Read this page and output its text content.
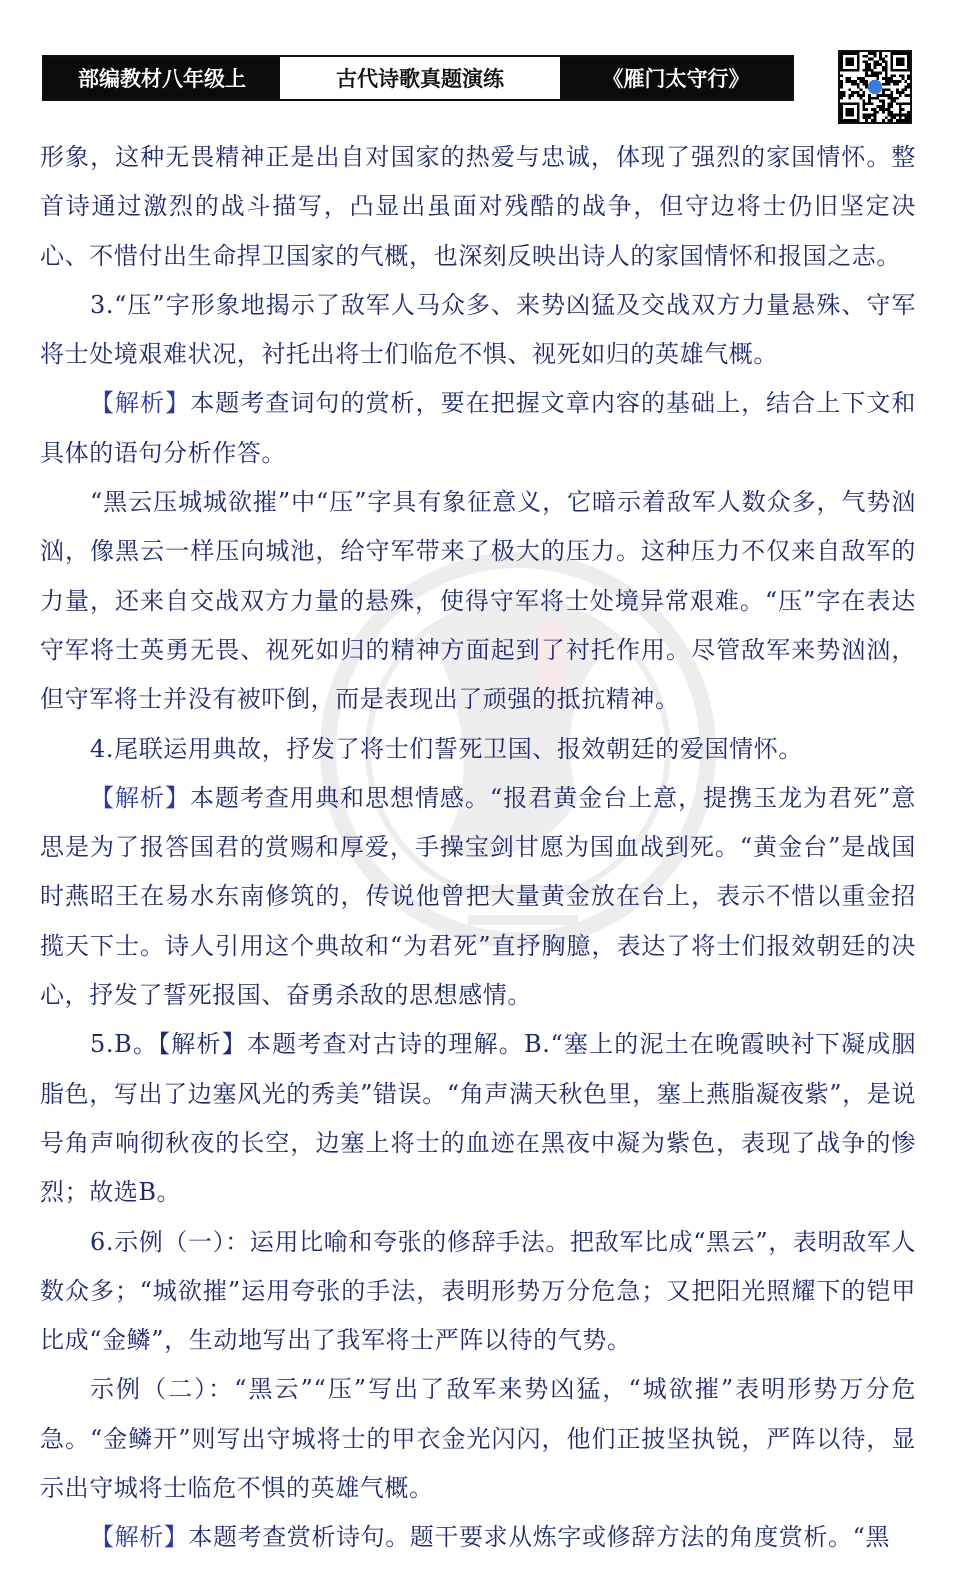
部编教材八年级上	古代诗歌真题演练	《雁门太守行》

形象，这种无畏精神正是出自对国家的热爱与忠诚，体现了强烈的家国情怀。整首诗通过激烈的战斗描写，凸显出虽面对残酷的战争，但守边将士仍旧坚定决心、不惜付出生命捍卫国家的气概，也深刻反映出诗人的家国情怀和报国之志。

3.“压”字形象地揭示了敌军人马众多、来势凶猛及交战双方力量悬殊、守军将士处境艰难状况，衬托出将士们临危不惧、视死如归的英雄气概。

【解析】本题考查词句的赏析，要在把握文章内容的基础上，结合上下文和具体的语句分析作答。

“黑云压城城欲摧”中“压”字具有象征意义，它暗示着敌军人数众多，气势汹汹，像黑云一样压向城池，给守军带来了极大的压力。这种压力不仅来自敌军的力量，还来自交战双方力量的悬殊，使得守军将士处境异常艰难。“压”字在表达守军将士英勇无畏、视死如归的精神方面起到了衬托作用。尽管敌军来势汹汹，但守军将士并没有被吓倒，而是表现出了顽强的抵抗精神。

4.尾联运用典故，抒发了将士们誓死卫国、报效朝廷的爱国情怀。

【解析】本题考查用典和思想情感。“报君黄金台上意，提携玉龙为君死”意思是为了报答国君的赏赐和厚爱，手操宝剑甘愿为国血战到死。“黄金台”是战国时燕昭王在易水东南修筑的，传说他曾把大量黄金放在台上，表示不惜以重金招揽天下士。诗人引用这个典故和“为君死”直抒胸臆，表达了将士们报效朝廷的决心，抒发了誓死报国、奋勇杀敌的思想感情。

5.B。【解析】本题考查对古诗的理解。B.“塞上的泥土在晚霞映衬下凝成胭脂色，写出了边塞风光的秀美”错误。“角声满天秋色里，塞上燕脂凝夜紫”，是说号角声响彻秋夜的长空，边塞上将士的血迹在黑夜中凝为紫色，表现了战争的惨烈；故选B。

6.示例（一）：运用比喻和夸张的修辞手法。把敌军比成“黑云”，表明敌军人数众多；“城欲摧”运用夸张的手法，表明形势万分危急；又把阳光照耀下的铠甲比成“金鳞”，生动地写出了我军将士严阵以待的气势。

示例（二）：“黑云”“压”写出了敌军来势凶猛，“城欲摧”表明形势万分危急。“金鳞开”则写出守城将士的甲衣金光闪闪，他们正披坚执锐，严阵以待，显示出守城将士临危不惧的英雄气概。

【解析】本题考查赏析诗句。题干要求从炼字或修辞方法的角度赏析。“黑
